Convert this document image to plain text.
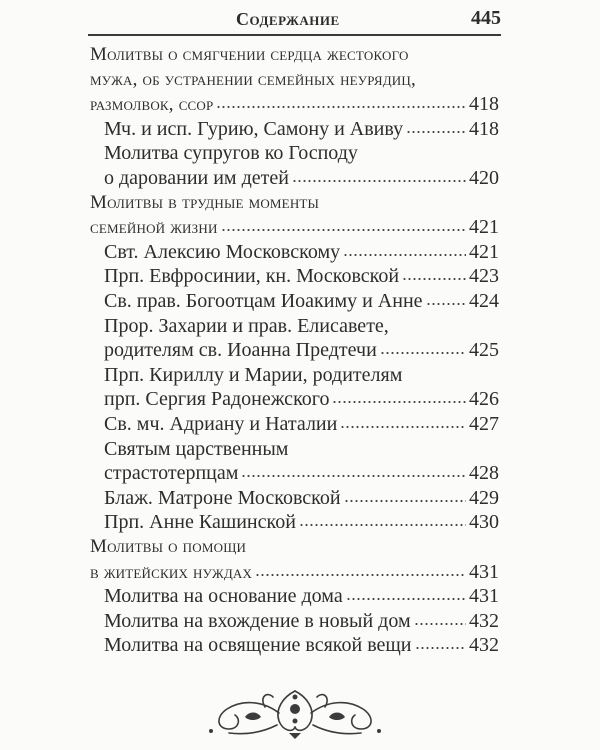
Содержание	445
Молитвы о смягчении сердца жестокого
мужа, об устранении семейных неурядиц,
размолвок, ссор	418
Мч. и исп. Гурию, Самону и Авиву	418
Молитва супругов ко Господу
о даровании им детей	420
Молитвы в трудные моменты
семейной жизни	421
Свт. Алексию Московскому	421
Прп. Евфросинии, кн. Московской	423
Св. прав. Богоотцам Иоакиму и Анне 424
Прор. Захарии и прав. Елисавете,
родителям св. Иоанна Предтечи	425
Прп. Кириллу и Марии, родителям
прп. Сергия Радонежского	426
Св. мч. Адриану и Наталии	427
Святым царственным
страстотерпцам	428
Блаж. Матроне Московской	429
Прп. Анне Кашинской	430
Молитвы о помощи
в житейских нуждах	431
Молитва на основание дома	431
Молитва на вхождение в новый дом	432
Молитва на освящение всякой вещи	432
